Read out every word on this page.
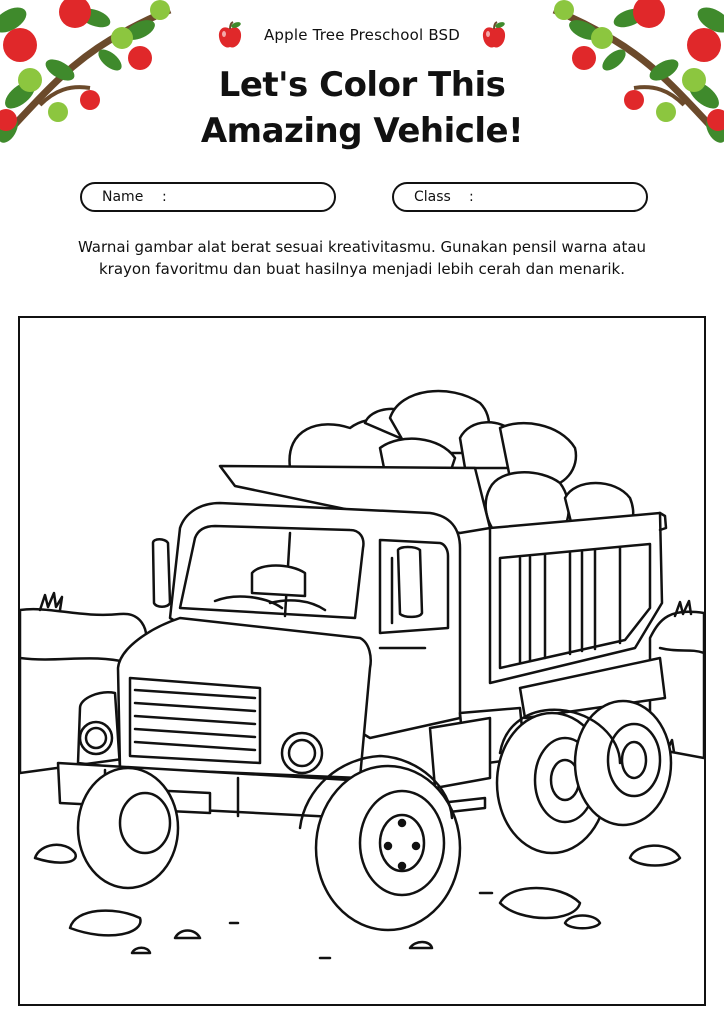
Apple Tree Preschool BSD
Let's Color This
Amazing Vehicle!
Name :	Class :
Warnai gambar alat berat sesuai kreativitasmu. Gunakan pensil warna atau
krayon favoritmu dan buat hasilnya menjadi lebih cerah dan menarik.
